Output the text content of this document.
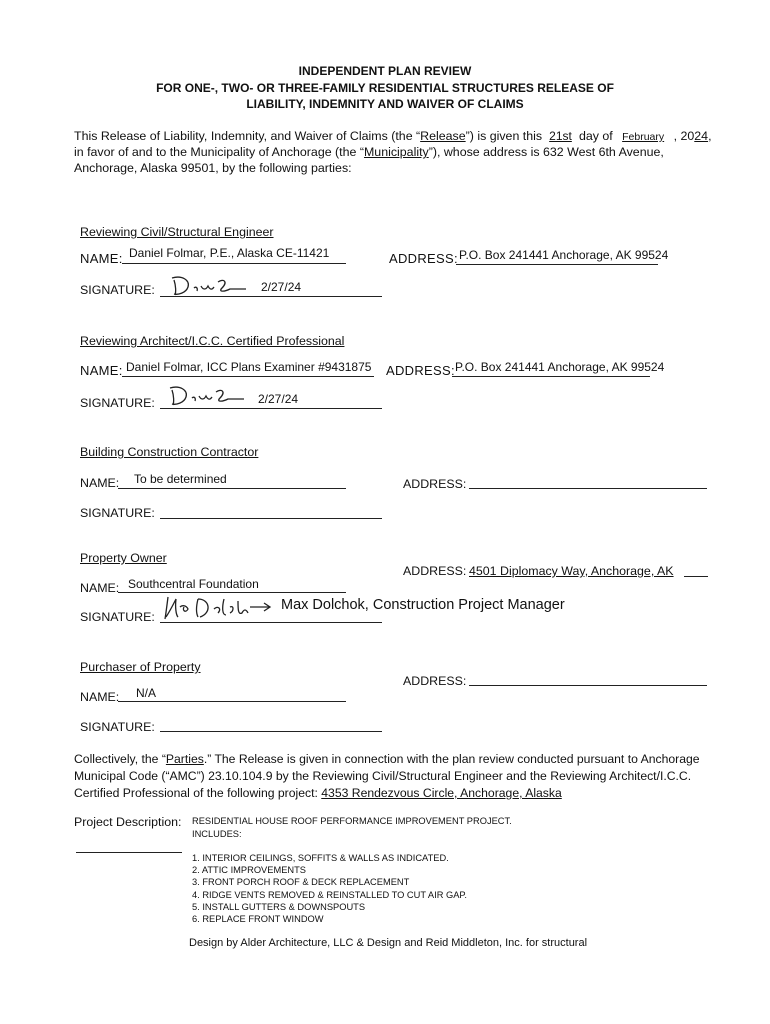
INDEPENDENT PLAN REVIEW
FOR ONE-, TWO- OR THREE-FAMILY RESIDENTIAL STRUCTURES RELEASE OF
LIABILITY, INDEMNITY AND WAIVER OF CLAIMS
This Release of Liability, Indemnity, and Waiver of Claims (the “Release”) is given this 21st day of February , 2024,
in favor of and to the Municipality of Anchorage (the “Municipality”), whose address is 632 West 6th Avenue,
Anchorage, Alaska 99501, by the following parties:
Reviewing Civil/Structural Engineer
NAME: Daniel Folmar, P.E., Alaska CE-11421	ADDRESS: P.O. Box 241441 Anchorage, AK 99524
SIGNATURE:	2/27/24
Reviewing Architect/I.C.C. Certified Professional
NAME: Daniel Folmar, ICC Plans Examiner #9431875 ADDRESS: P.O. Box 241441 Anchorage, AK 99524
SIGNATURE:	2/27/24
Building Construction Contractor
NAME: To be determined	ADDRESS:
SIGNATURE:
Property Owner
ADDRESS: 4501 Diplomacy Way, Anchorage, AK
NAME: Southcentral Foundation
SIGNATURE:
Max Dolchok, Construction Project Manager
Purchaser of Property
ADDRESS:
NAME: N/A
SIGNATURE:
Collectively, the “Parties.” The Release is given in connection with the plan review conducted pursuant to Anchorage
Municipal Code (“AMC”) 23.10.104.9 by the Reviewing Civil/Structural Engineer and the Reviewing Architect/I.C.C.
Certified Professional of the following project: 4353 Rendezvous Circle, Anchorage, Alaska
Project Description: RESIDENTIAL HOUSE ROOF PERFORMANCE IMPROVEMENT PROJECT.
INCLUDES:
1. INTERIOR CEILINGS, SOFFITS & WALLS AS INDICATED.
2. ATTIC IMPROVEMENTS
3. FRONT PORCH ROOF & DECK REPLACEMENT
4. RIDGE VENTS REMOVED & REINSTALLED TO CUT AIR GAP.
5. INSTALL GUTTERS & DOWNSPOUTS
6. REPLACE FRONT WINDOW
Design by Alder Architecture, LLC & Design and Reid Middleton, Inc. for structural
